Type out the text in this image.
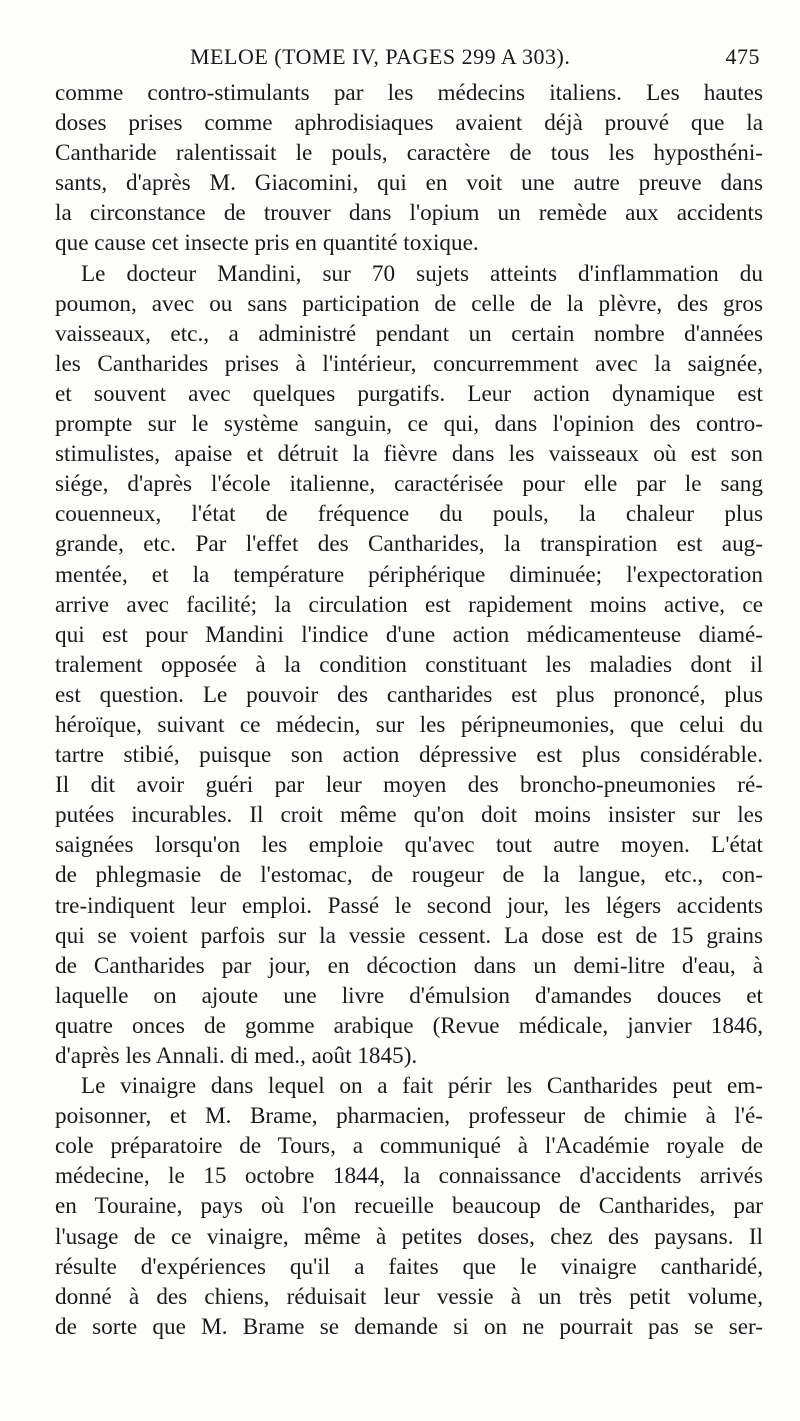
MELOE (TOME IV, PAGES 299 A 303).	475
comme contro-stimulants par les médecins italiens. Les hautes
doses prises comme aphrodisiaques avaient déjà prouvé que la
Cantharide ralentissait le pouls, caractère de tous les hyposthéni-
sants, d'après M. Giacomini, qui en voit une autre preuve dans
la circonstance de trouver dans l'opium un remède aux accidents
que cause cet insecte pris en quantité toxique.
Le docteur Mandini, sur 70 sujets atteints d'inflammation du
poumon, avec ou sans participation de celle de la plèvre, des gros
vaisseaux, etc., a administré pendant un certain nombre d'années
les Cantharides prises à l'intérieur, concurremment avec la saignée,
et souvent avec quelques purgatifs. Leur action dynamique est
prompte sur le système sanguin, ce qui, dans l'opinion des contro-
stimulistes, apaise et détruit la fièvre dans les vaisseaux où est son
siége, d'après l'école italienne, caractérisée pour elle par le sang
couenneux, l'état de fréquence du pouls, la chaleur plus
grande, etc. Par l'effet des Cantharides, la transpiration est aug-
mentée, et la température périphérique diminuée; l'expectoration
arrive avec facilité; la circulation est rapidement moins active, ce
qui est pour Mandini l'indice d'une action médicamenteuse diamé-
tralement opposée à la condition constituant les maladies dont il
est question. Le pouvoir des cantharides est plus prononcé, plus
héroïque, suivant ce médecin, sur les péripneumonies, que celui du
tartre stibié, puisque son action dépressive est plus considérable.
Il dit avoir guéri par leur moyen des broncho-pneumonies ré-
putées incurables. Il croit même qu'on doit moins insister sur les
saignées lorsqu'on les emploie qu'avec tout autre moyen. L'état
de phlegmasie de l'estomac, de rougeur de la langue, etc., con-
tre-indiquent leur emploi. Passé le second jour, les légers accidents
qui se voient parfois sur la vessie cessent. La dose est de 15 grains
de Cantharides par jour, en décoction dans un demi-litre d'eau, à
laquelle on ajoute une livre d'émulsion d'amandes douces et
quatre onces de gomme arabique (Revue médicale, janvier 1846,
d'après les Annali. di med., août 1845).
Le vinaigre dans lequel on a fait périr les Cantharides peut em-
poisonner, et M. Brame, pharmacien, professeur de chimie à l'é-
cole préparatoire de Tours, a communiqué à l'Académie royale de
médecine, le 15 octobre 1844, la connaissance d'accidents arrivés
en Touraine, pays où l'on recueille beaucoup de Cantharides, par
l'usage de ce vinaigre, même à petites doses, chez des paysans. Il
résulte d'expériences qu'il a faites que le vinaigre cantharidé,
donné à des chiens, réduisait leur vessie à un très petit volume,
de sorte que M. Brame se demande si on ne pourrait pas se ser-
